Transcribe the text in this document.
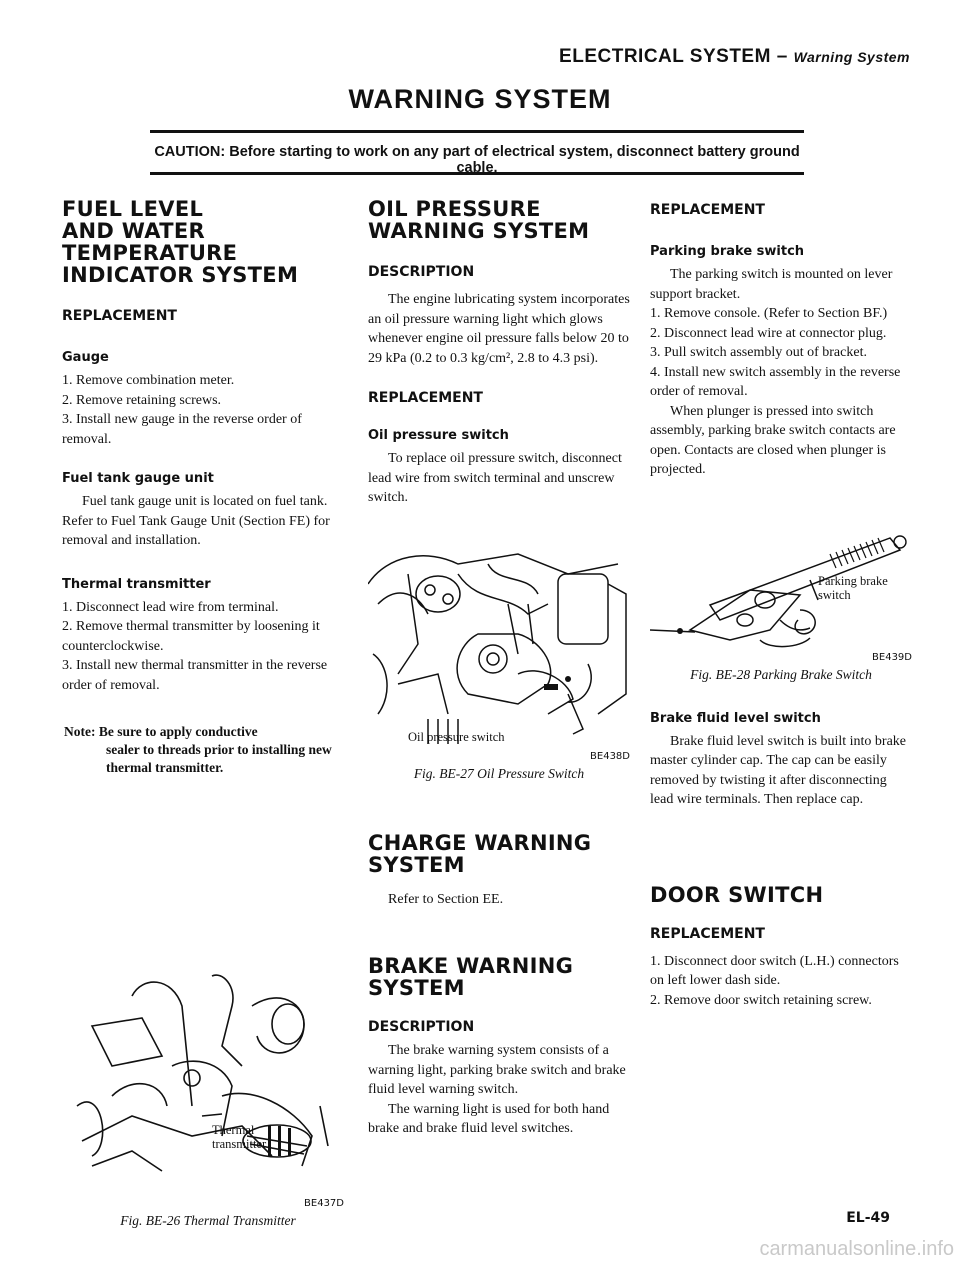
ELECTRICAL SYSTEM – Warning System
WARNING SYSTEM
CAUTION: Before starting to work on any part of electrical system, disconnect battery ground cable.
FUEL LEVEL
AND WATER
TEMPERATURE
INDICATOR SYSTEM
REPLACEMENT
Gauge

1. Remove combination meter.

2. Remove retaining screws.

3. Install new gauge in the reverse order of removal.

Fuel tank gauge unit

Fuel tank gauge unit is located on fuel tank. Refer to Fuel Tank Gauge Unit (Section FE) for removal and installation.

Thermal transmitter

1. Disconnect lead wire from terminal.

2. Remove thermal transmitter by loosening it counterclockwise.

3. Install new thermal transmitter in the reverse order of removal.

Note: Be sure to apply conductive
sealer to threads prior to installing new thermal transmitter.
Thermal
transmitter
BE437D
Fig. BE-26 Thermal Transmitter
OIL PRESSURE
WARNING SYSTEM
DESCRIPTION

The engine lubricating system incorporates an oil pressure warning light which glows whenever engine oil pressure falls below 20 to 29 kPa (0.2 to 0.3 kg/cm², 2.8 to 4.3 psi).

REPLACEMENT
Oil pressure switch

To replace oil pressure switch, disconnect lead wire from switch terminal and unscrew switch.

Oil pressure switch
BE438D
Fig. BE-27 Oil Pressure Switch
CHARGE WARNING
SYSTEM

Refer to Section EE.

BRAKE WARNING
SYSTEM
DESCRIPTION

The brake warning system consists of a warning light, parking brake switch and brake fluid level warning switch.

The warning light is used for both hand brake and brake fluid level switches.

REPLACEMENT
Parking brake switch

The parking switch is mounted on lever support bracket.

1. Remove console. (Refer to Section BF.)

2. Disconnect lead wire at connector plug.

3. Pull switch assembly out of bracket.

4. Install new switch assembly in the reverse order of removal.

When plunger is pressed into switch assembly, parking brake switch contacts are open. Contacts are closed when plunger is projected.

Parking brake
switch
BE439D
Fig. BE-28 Parking Brake Switch
Brake fluid level switch

Brake fluid level switch is built into brake master cylinder cap. The cap can be easily removed by twisting it after disconnecting lead wire terminals. Then replace cap.

DOOR SWITCH
REPLACEMENT

1. Disconnect door switch (L.H.) connectors on left lower dash side.

2. Remove door switch retaining screw.

EL-49
carmanualsonline.info
